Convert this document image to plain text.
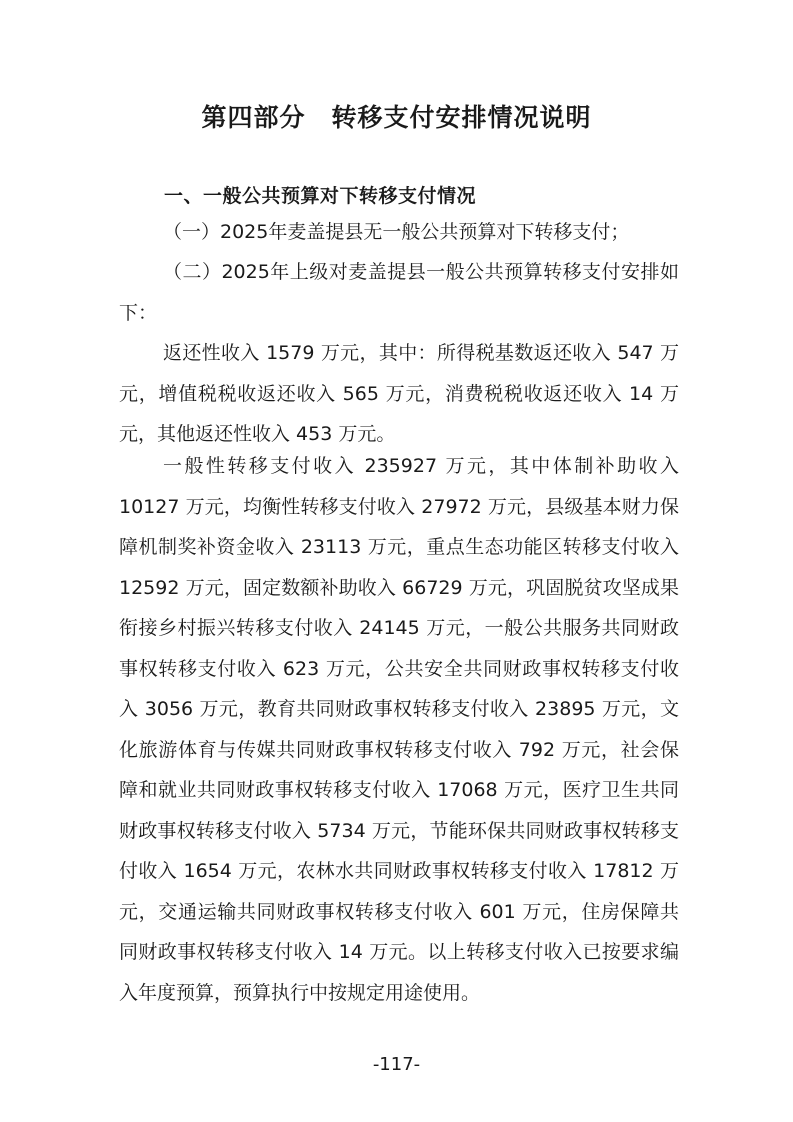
第四部分　转移支付安排情况说明
一、一般公共预算对下转移支付情况

（一）2025年麦盖提县无一般公共预算对下转移支付；

（二）2025年上级对麦盖提县一般公共预算转移支付安排如下：

返还性收入 1579 万元，其中：所得税基数返还收入 547 万元，增值税税收返还收入 565 万元，消费税税收返还收入 14 万元，其他返还性收入 453 万元。

一般性转移支付收入 235927 万元，其中体制补助收入 10127 万元，均衡性转移支付收入 27972 万元，县级基本财力保障机制奖补资金收入 23113 万元，重点生态功能区转移支付收入 12592 万元，固定数额补助收入 66729 万元，巩固脱贫攻坚成果衔接乡村振兴转移支付收入 24145 万元，一般公共服务共同财政事权转移支付收入 623 万元，公共安全共同财政事权转移支付收入 3056 万元，教育共同财政事权转移支付收入 23895 万元，文化旅游体育与传媒共同财政事权转移支付收入 792 万元，社会保障和就业共同财政事权转移支付收入 17068 万元，医疗卫生共同财政事权转移支付收入 5734 万元，节能环保共同财政事权转移支付收入 1654 万元，农林水共同财政事权转移支付收入 17812 万元，交通运输共同财政事权转移支付收入 601 万元，住房保障共同财政事权转移支付收入 14 万元。以上转移支付收入已按要求编入年度预算，预算执行中按规定用途使用。

-117-
